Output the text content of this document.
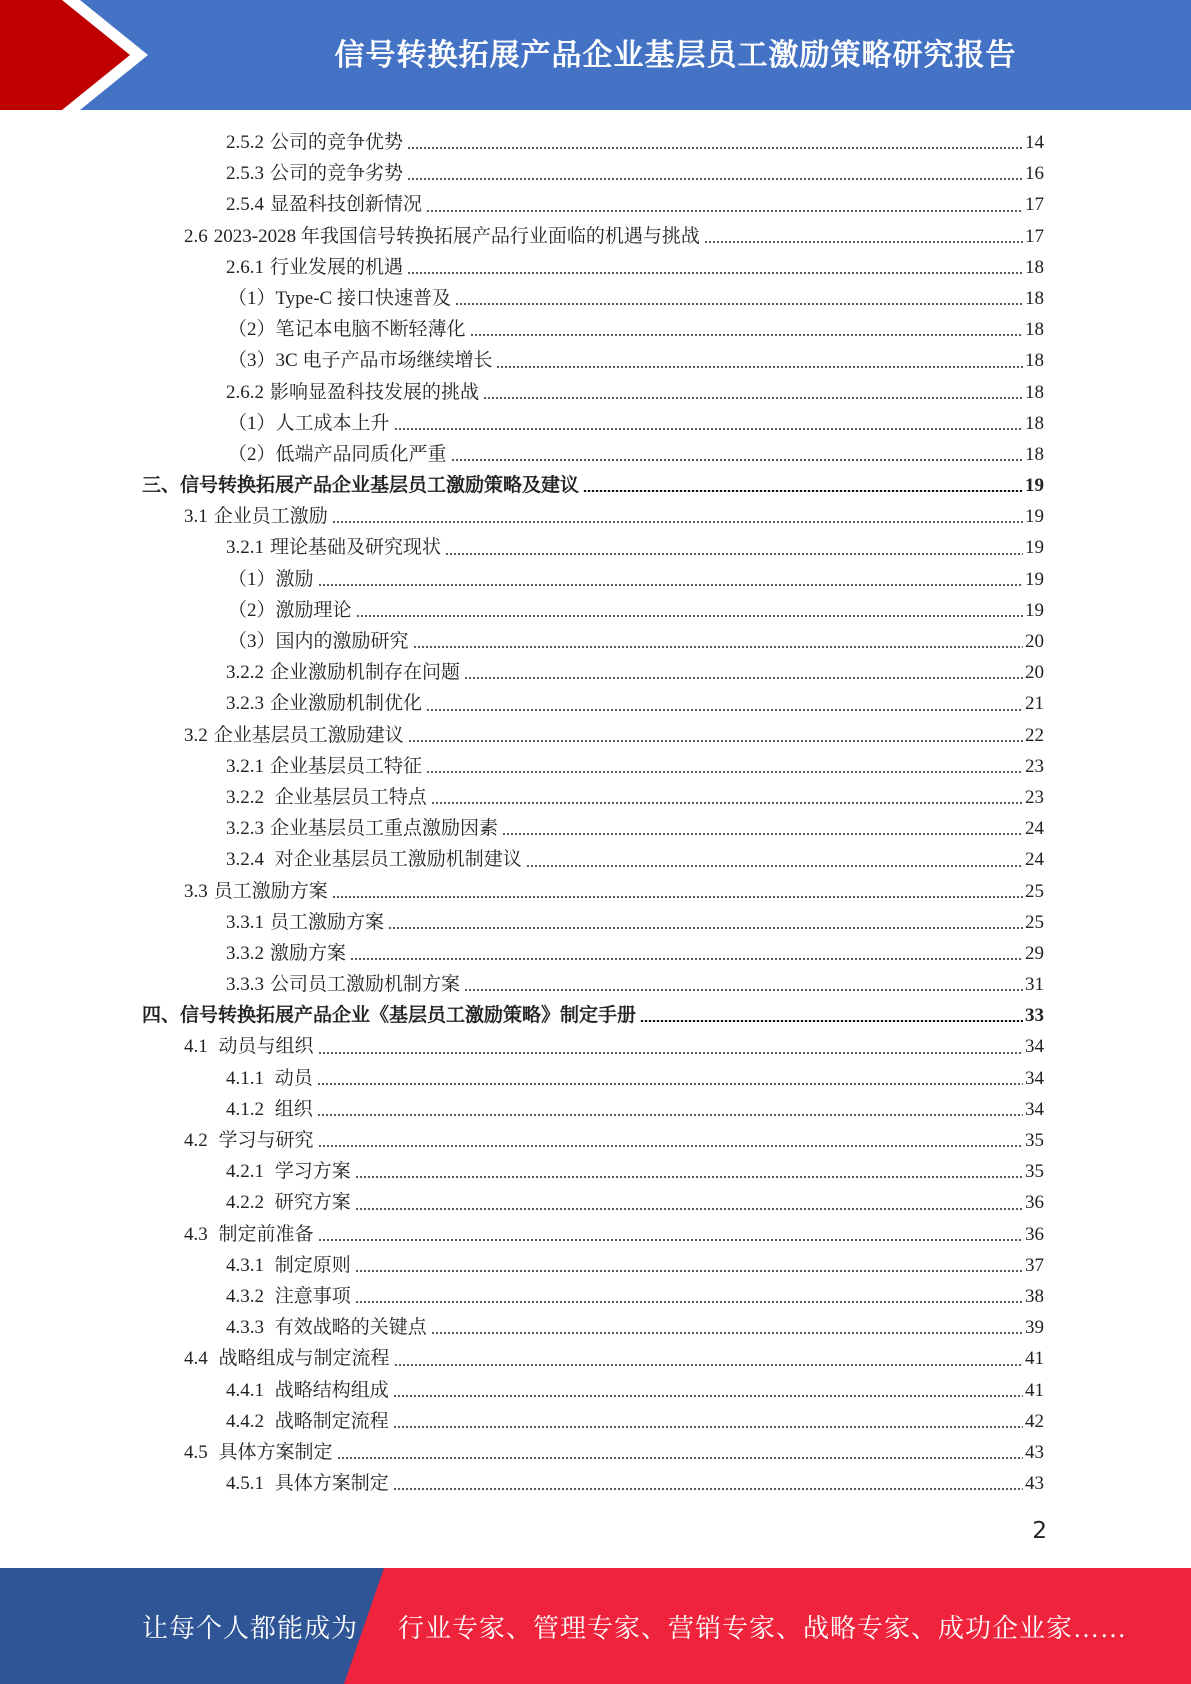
信号转换拓展产品企业基层员工激励策略研究报告
2.5.2 公司的竞争优势	14
2.5.3 公司的竞争劣势	16
2.5.4 显盈科技创新情况	17
2.6 2023-2028 年我国信号转换拓展产品行业面临的机遇与挑战	17
2.6.1 行业发展的机遇	18
（1） Type-C 接口快速普及	18
（2） 笔记本电脑不断轻薄化	18
（3） 3C 电子产品市场继续增长	18
2.6.2 影响显盈科技发展的挑战	18
（1） 人工成本上升	18
（2） 低端产品同质化严重	18
三、 信号转换拓展产品企业基层员工激励策略及建议	19
3.1 企业员工激励	19
3.2.1 理论基础及研究现状	19
（1） 激励	19
（2） 激励理论	19
（3） 国内的激励研究	20
3.2.2 企业激励机制存在问题	20
3.2.3 企业激励机制优化	21
3.2 企业基层员工激励建议	22
3.2.1 企业基层员工特征	23
3.2.2 企业基层员工特点	23
3.2.3 企业基层员工重点激励因素	24
3.2.4 对企业基层员工激励机制建议	24
3.3 员工激励方案	25
3.3.1 员工激励方案	25
3.3.2 激励方案	29
3.3.3 公司员工激励机制方案	31
四、 信号转换拓展产品企业《基层员工激励策略》制定手册	33
4.1 动员与组织	34
4.1.1 动员	34
4.1.2 组织	34
4.2 学习与研究	35
4.2.1 学习方案	35
4.2.2 研究方案	36
4.3 制定前准备	36
4.3.1 制定原则	37
4.3.2 注意事项	38
4.3.3 有效战略的关键点	39
4.4 战略组成与制定流程	41
4.4.1 战略结构组成	41
4.4.2 战略制定流程	42
4.5 具体方案制定	43
4.5.1 具体方案制定	43
2
让每个人都能成为 行业专家、管理专家、营销专家、战略专家、成功企业家……
